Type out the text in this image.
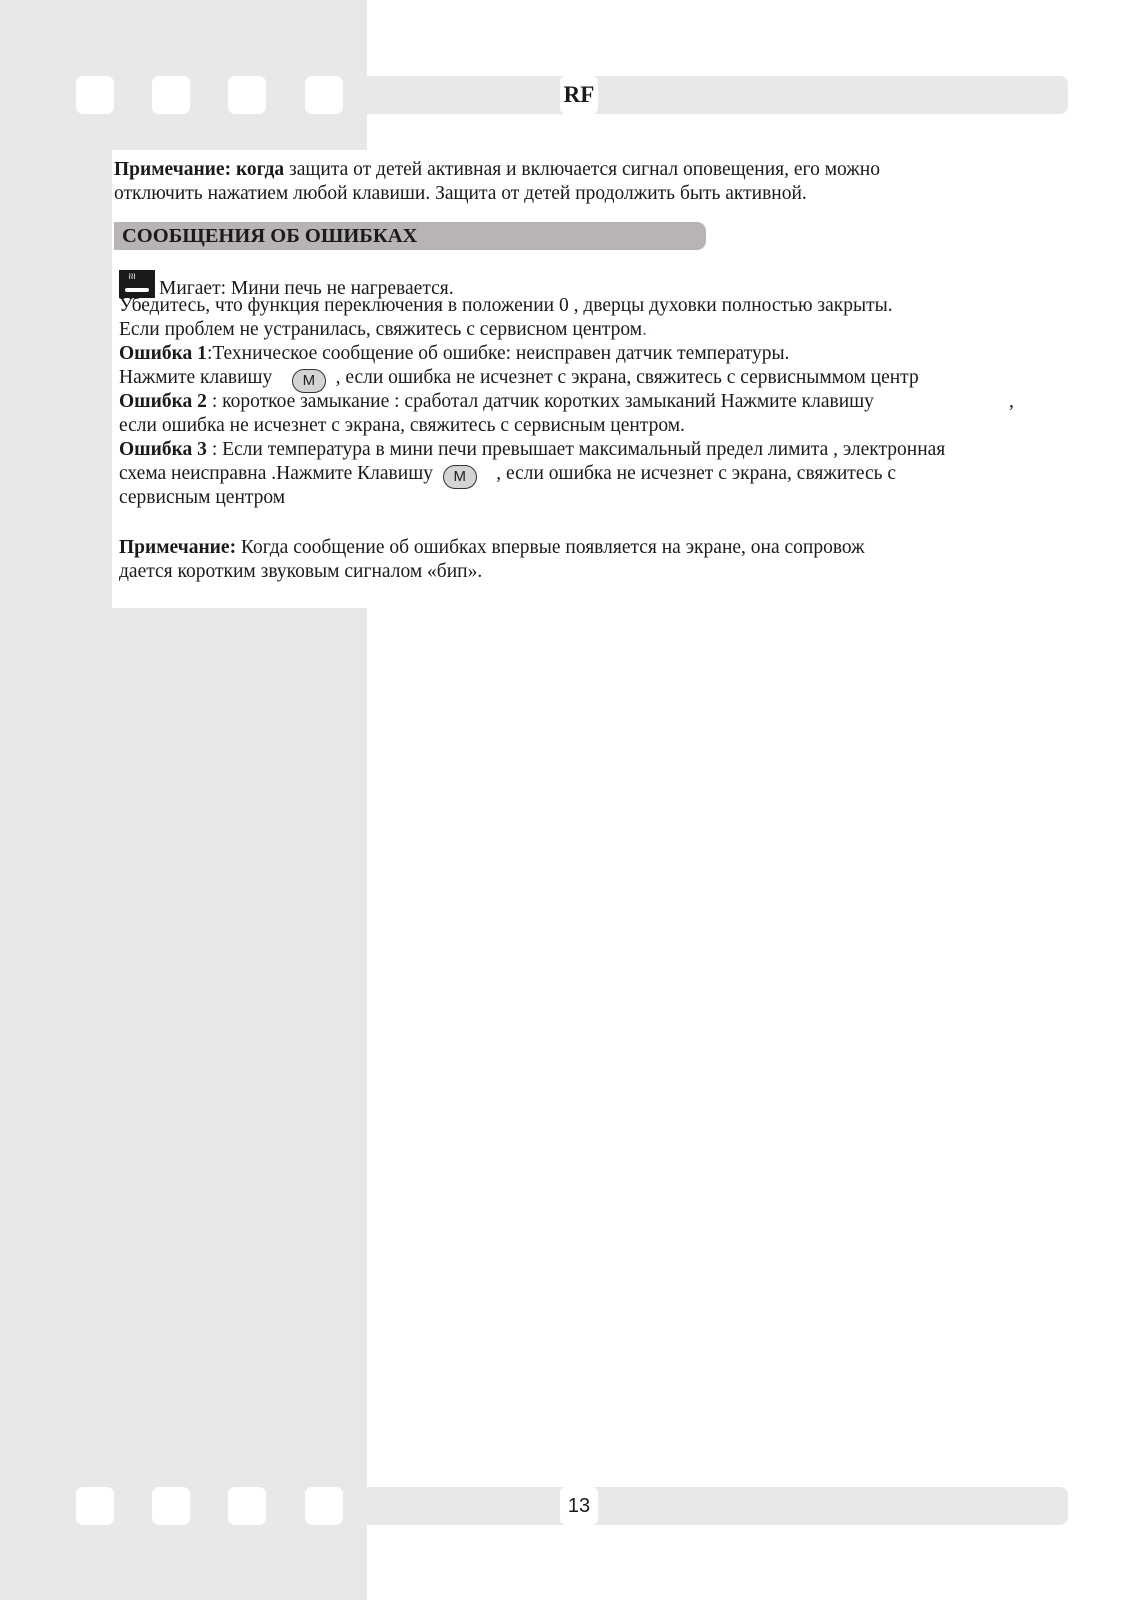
RF
Примечание: когда защита от детей активная и включается сигнал оповещения, его можно
отключить нажатием любой клавиши. Защита от детей продолжить быть активной.
СООБЩЕНИЯ ОБ ОШИБКАХ
≀≀≀Мигает: Мини печь не нагревается.
Убедитесь, что функция переключения в положении 0 , дверцы духовки полностью закрыты.
Если проблем не устранилась, свяжитесь с сервисном центром.
Ошибка 1:Техническое сообщение об ошибке: неисправен датчик температуры.
Нажмите клавишу M , если ошибка не исчезнет с экрана, свяжитесь с сервисныммом центр
Ошибка 2 : короткое замыкание : сработал датчик коротких замыканий Нажмите клавишу	,
если ошибка не исчезнет с экрана, свяжитесь с сервисным центром.
Ошибка 3 : Если температура в мини печи превышает максимальный предел лимита , электронная
схема неисправна .Нажмите Клавишу M , если ошибка не исчезнет с экрана, свяжитесь с
сервисным центром
Примечание: Когда сообщение об ошибках впервые появляется на экране, она сопровож
дается коротким звуковым сигналом «бип».
13
